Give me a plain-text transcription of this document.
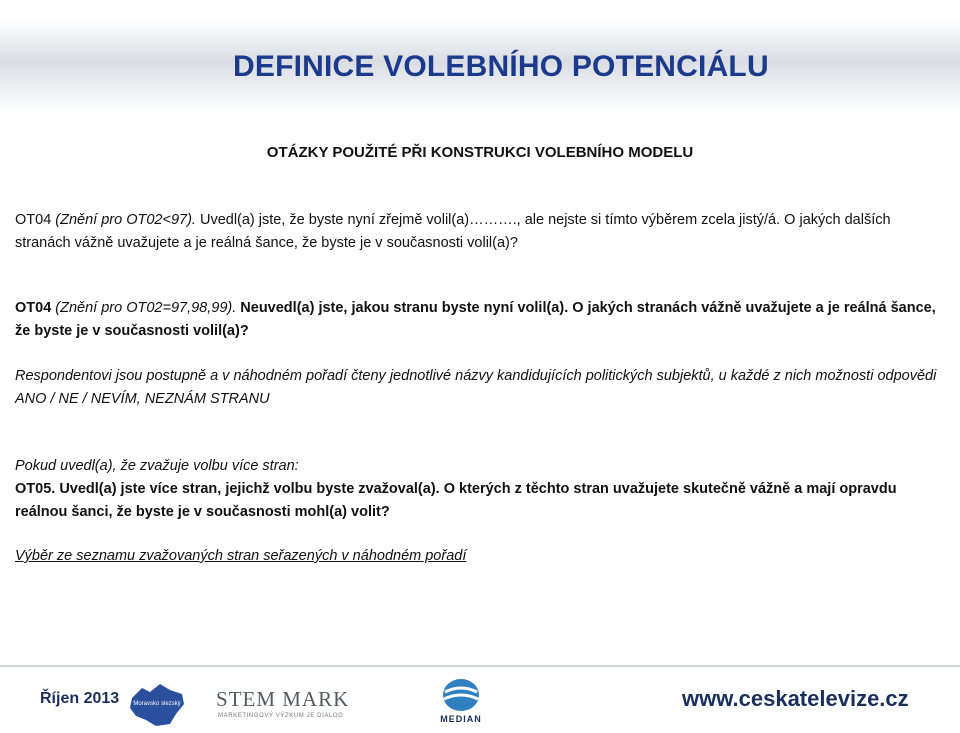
DEFINICE VOLEBNÍHO POTENCIÁLU
OTÁZKY POUŽITÉ PŘI KONSTRUKCI VOLEBNÍHO MODELU
OT04 (Znění pro OT02<97). Uvedl(a) jste, že byste nyní zřejmě volil(a)………., ale nejste si tímto výběrem zcela jistý/á. O jakých dalších stranách vážně uvažujete a je reálná šance, že byste je v současnosti volil(a)?
OT04 (Znění pro OT02=97,98,99). Neuvedl(a) jste, jakou stranu byste nyní volil(a). O jakých stranách vážně uvažujete a je reálná šance, že byste je v současnosti volil(a)?
Respondentovi jsou postupně a v náhodném pořadí čteny jednotlivé názvy kandidujících politických subjektů, u každé z nich možnosti odpovědi ANO / NE / NEVÍM, NEZNÁM STRANU
Pokud uvedl(a), že zvažuje volbu více stran:
OT05. Uvedl(a) jste více stran, jejichž volbu byste zvažoval(a). O kterých z těchto stran uvažujete skutečně vážně a mají opravdu reálnou šanci, že byste je v současnosti mohl(a) volit?
Výběr ze seznamu zvažovaných stran seřazených v náhodném pořadí
Říjen 2013 Moravsko slezský STEM MARK
MARKETINGOVÝ VÝZKUM JE DIALOG	MEDIAN
www.ceskatelevize.cz
